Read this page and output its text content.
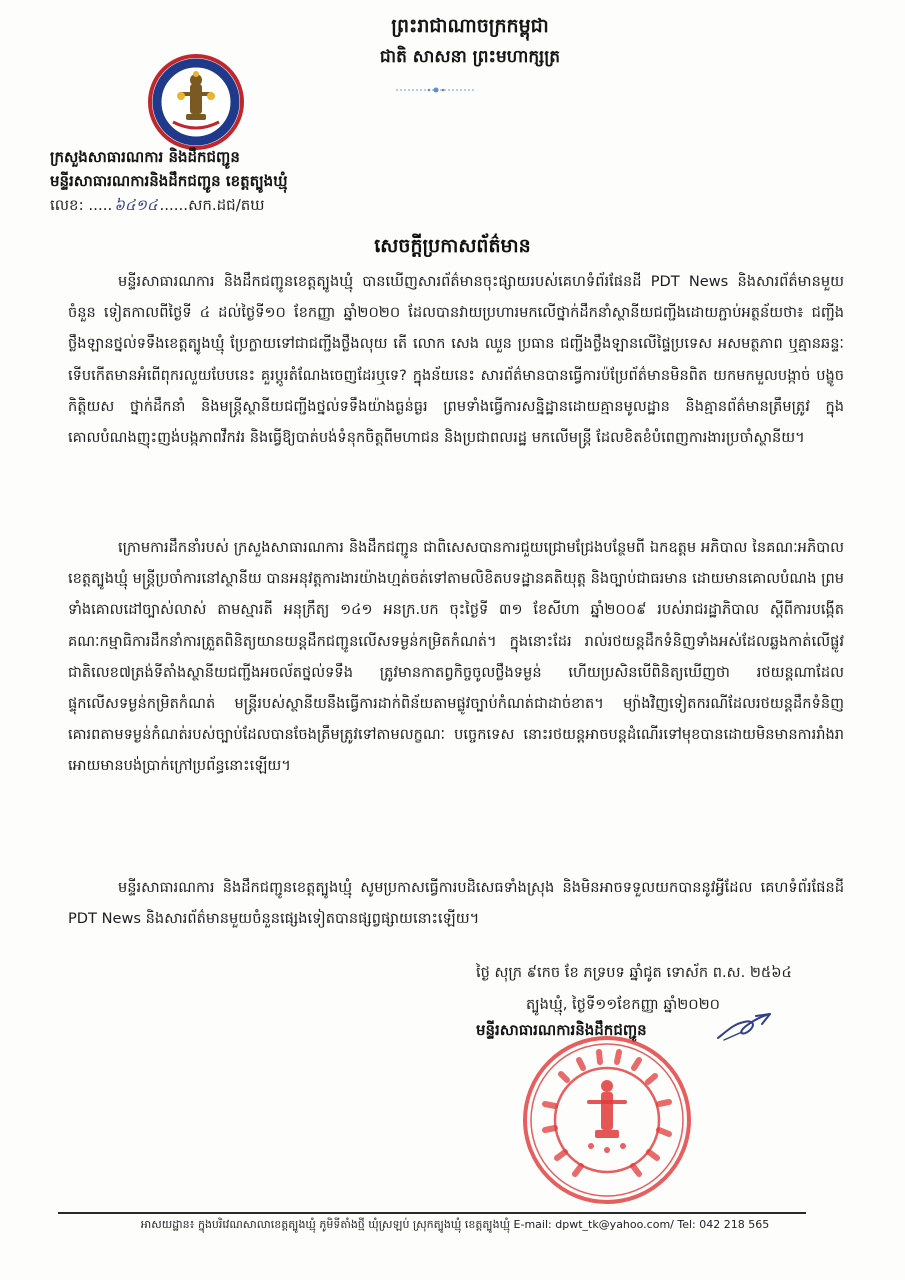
ព្រះរាជាណាចក្រកម្ពុជា
ជាតិ សាសនា ព្រះមហាក្សត្រ
ក្រសួងសាធារណការ និងដឹកជញ្ជូន
មន្ទីរសាធារណការនិងដឹកជញ្ជូន ខេត្តត្បូងឃ្មុំ
លេខ: ..... ៦៤១៤ ......សក.ដជ/តឃ
សេចក្តីប្រកាសព័ត៌មាន

មន្ទីរសាធារណការ និងដឹកជញ្ជូនខេត្តត្បូងឃ្មុំ បានឃើញសារព័ត៌មានចុះផ្សាយរបស់គេហទំព័រផែនដី PDT News និងសារព័ត៌មានមួយចំនួន ទៀតកាលពីថ្ងៃទី ៤ ដល់ថ្ងៃទី១០ ខែកញ្ញា ឆ្នាំ២០២០ ដែលបានវាយប្រហារមកលើថ្នាក់ដឹកនាំស្ថានីយជញ្ជីងដោយភ្ជាប់អត្ថន័យថា៖ ជញ្ជីងថ្លឹងឡានថ្នល់ទទឹងខេត្តត្បូងឃ្មុំ ប្រែក្លាយទៅជាជញ្ជីងថ្លឹងលុយ តើ លោក សេង ឈួន ប្រធាន ជញ្ជីងថ្លឹងឡានលើផ្ទៃប្រទេស អសមត្ថភាព ឬគ្មានឆន្ទៈ ទើបកើតមានអំពើពុករលួយបែបនេះ គួរប្តូរតំណែងចេញដែរឬទេ? ក្នុងន័យនេះ សារព័ត៌មានបានធ្វើការប៉ប្រែព័ត៌មានមិនពិត យកមកមួលបង្កាច់ បង្ខូចកិត្តិយស ថ្នាក់ដឹកនាំ និងមន្ត្រីស្ថានីយជញ្ជីងថ្នល់ទទឹងយ៉ាងធ្ងន់ធ្ងរ ព្រមទាំងធ្វើការសន្និដ្ឋានដោយគ្មានមូលដ្ឋាន និងគ្មានព័ត៌មានត្រឹមត្រូវ ក្នុងគោលបំណងញុះញង់បង្កភាពវឹកវរ និងធ្វើឱ្យបាត់បង់ទំនុកចិត្តពីមហាជន និងប្រជាពលរដ្ឋ មកលើមន្ត្រី ដែលខិតខំបំពេញការងារប្រចាំស្ថានីយ។

ក្រោមការដឹកនាំរបស់ ក្រសួងសាធារណការ និងដឹកជញ្ជូន ជាពិសេសបានការជួយជ្រោមជ្រែងបន្ថែមពី ឯកឧត្តម អភិបាល នៃគណៈអភិបាលខេត្តត្បូងឃ្មុំ មន្ត្រីប្រចាំការនៅស្ថានីយ បានអនុវត្តការងារយ៉ាងហ្មត់ចត់ទៅតាមលិខិតបទដ្ឋានគតិយុត្ត និងច្បាប់ជាធរមាន ដោយមានគោលបំណង ព្រមទាំងគោលដៅច្បាស់លាស់ តាមស្មារតី អនុក្រឹត្យ ១៤១ អនក្រ.បក ចុះថ្ងៃទី ៣១ ខែសីហា ឆ្នាំ២០០៩ របស់រាជរដ្ឋាភិបាល ស្តីពីការបង្កើតគណៈកម្មាធិការដឹកនាំការត្រួតពិនិត្យយានយន្តដឹកជញ្ជូនលើសទម្ងន់កម្រិតកំណត់។ ក្នុងនោះដែរ រាល់រថយន្តដឹកទំនិញទាំងអស់ដែលឆ្លងកាត់លើផ្លូវជាតិលេខ៧ត្រង់ទីតាំងស្ថានីយជញ្ជីងអចល័តថ្នល់ទទឹង ត្រូវមានកាតព្វកិច្ចចូលថ្លឹងទម្ងន់ ហើយប្រសិនបើពិនិត្យឃើញថា រថយន្តណាដែលផ្ទុកលើសទម្ងន់កម្រិតកំណត់ មន្ត្រីរបស់ស្ថានីយនឹងធ្វើការដាក់ពិន័យតាមផ្លូវច្បាប់កំណត់ជាដាច់ខាត។ ម្យ៉ាងវិញទៀតករណីដែលរថយន្តដឹកទំនិញគោរពតាមទម្ងន់កំណត់របស់ច្បាប់ដែលបានចែងត្រឹមត្រូវទៅតាមលក្ខណៈ បច្ចេកទេស នោះរថយន្តអាចបន្តដំណើរទៅមុខបានដោយមិនមានការរាំងរាអោយមានបង់ប្រាក់ក្រៅប្រព័ន្ធនោះឡើយ។

មន្ទីរសាធារណការ និងដឹកជញ្ជូនខេត្តត្បូងឃ្មុំ សូមប្រកាសធ្វើការបដិសេធទាំងស្រុង និងមិនអាចទទួលយកបាននូវអ្វីដែល គេហទំព័រផែនដី PDT News និងសារព័ត៌មានមួយចំនួនផ្សេងទៀតបានផ្សព្វផ្សាយនោះឡើយ។

ថ្ងៃ សុក្រ ៩កេច ខែ ភទ្របទ ឆ្នាំជូត ទោស័ក ព.ស. ២៥៦៤
ត្បូងឃ្មុំ, ថ្ងៃទី១១ខែកញ្ញា ឆ្នាំ២០២០
មន្ទីរសាធារណការនិងដឹកជញ្ជូន
អាសយដ្ឋាន៖ ក្នុងបរិវេណសាលាខេត្តត្បូងឃ្មុំ ភូមិទីតាំងថ្មី ឃុំស្រឡប់ ស្រុកត្បូងឃ្មុំ ខេត្តត្បូងឃ្មុំ E-mail: dpwt_tk@yahoo.com/ Tel: 042 218 565
